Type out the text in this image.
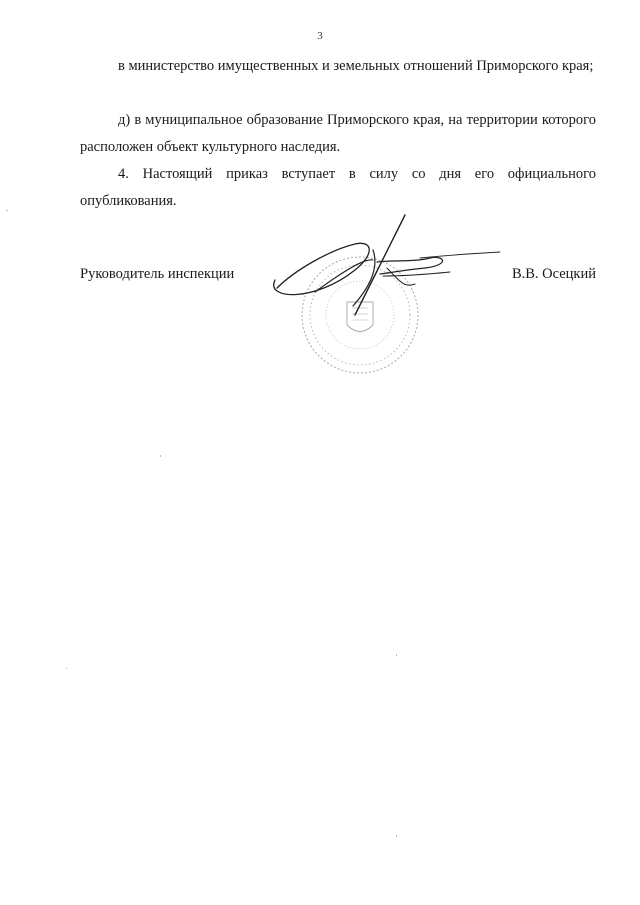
3

в министерство имущественных и земельных отношений Приморского края;

д) в муниципальное образование Приморского края, на территории которого расположен объект культурного наследия.

4. Настоящий приказ вступает в силу со дня его официального опубликования.

Руководитель инспекции	В.В. Осецкий
